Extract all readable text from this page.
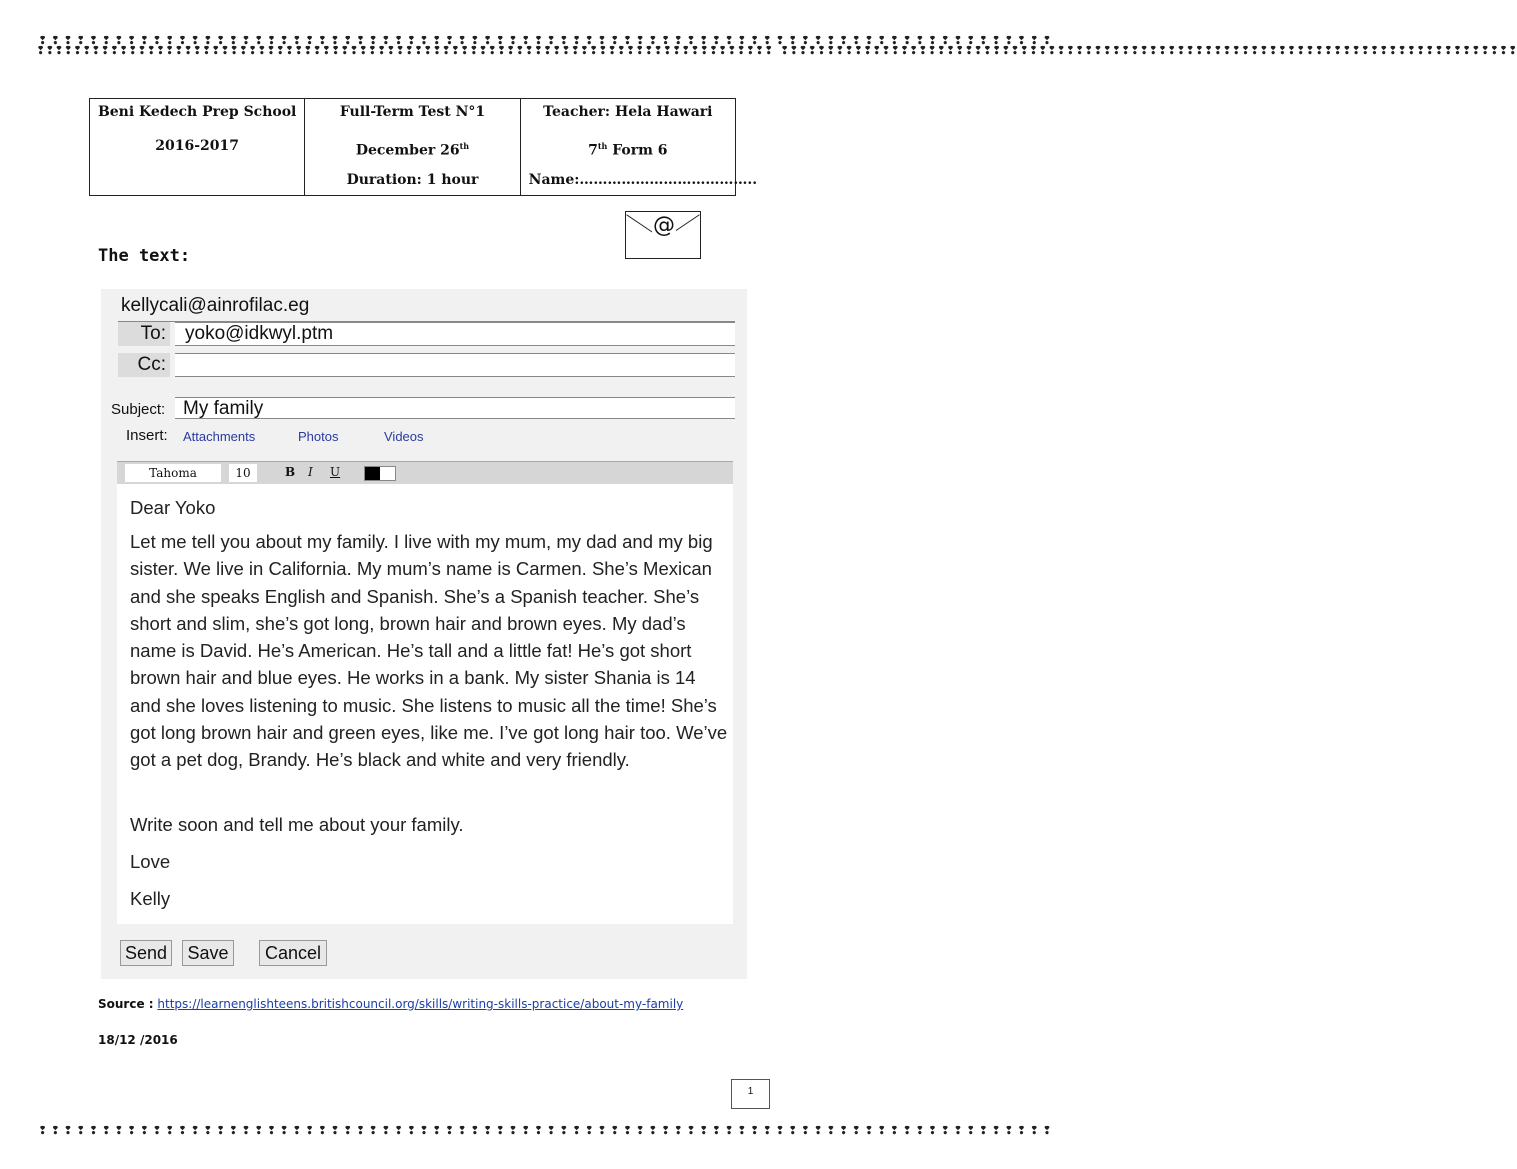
❢ ❢ ❢ ❢ ❢ ❢ ❢ ❢ ❢ ❢ ❢ ❢ ❢ ❢ ❢ ❢ ❢ ❢ ❢ ❢ ❢ ❢ ❢ ❢ ❢ ❢ ❢ ❢ ❢ ❢ ❢ ❢ ❢ ❢ ❢ ❢ ❢ ❢ ❢ ❢ ❢ ❢ ❢ ❢ ❢ ❢ ❢ ❢ ❢ ❢ ❢ ❢ ❢ ❢ ❢ ❢ ❢ ❢ ❢ ❢ ❢ ❢ ❢ ❢ ❢ ❢ ❢ ❢ ❢ ❢ ❢ ❢ ❢ ❢ ❢ ❢ ❢ ❢ ❢ ❢
❢ ❢ ❢ ❢ ❢ ❢ ❢ ❢ ❢ ❢ ❢ ❢ ❢ ❢ ❢ ❢ ❢ ❢ ❢ ❢ ❢ ❢ ❢ ❢ ❢ ❢ ❢ ❢ ❢ ❢ ❢ ❢ ❢ ❢ ❢ ❢ ❢ ❢ ❢ ❢ ❢ ❢ ❢ ❢ ❢ ❢ ❢ ❢ ❢ ❢ ❢ ❢ ❢ ❢ ❢ ❢ ❢ ❢ ❢ ❢ ❢ ❢ ❢ ❢ ❢ ❢ ❢ ❢ ❢ ❢ ❢ ❢ ❢ ❢ ❢ ❢ ❢ ❢ ❢ ❢
❢❢❢❢❢❢❢❢❢❢❢❢❢❢❢❢❢❢❢❢❢❢❢❢❢❢❢❢❢❢❢❢❢❢❢❢❢❢❢❢❢❢❢❢❢❢❢❢❢❢❢❢❢❢❢❢❢❢❢❢❢❢❢❢❢❢❢❢❢❢❢❢❢❢❢❢❢❢❢❢ ❢❢❢❢❢❢❢❢❢❢❢❢❢❢❢❢❢❢❢❢❢❢❢❢❢❢❢❢❢❢❢❢❢❢❢❢❢❢❢❢❢❢❢❢❢❢❢❢❢❢❢❢❢❢❢❢❢❢❢❢❢❢❢❢❢❢❢❢❢❢❢❢❢❢❢❢❢❢❢❢
Beni Kedech Prep School
2016-2017

Full-Term Test N°1
December 26th
Duration: 1 hour

Teacher: Hela Hawari
7th Form 6
Name:………………………………..
@
The text:
kellycali@ainrofilac.eg
To:	yoko@idkwyl.ptm
Cc:
Subject: My family
Insert: Attachments	Photos	Videos
Tahoma	10	B I U

Dear Yoko

Let me tell you about my family. I live with my mum, my dad and my big sister. We live in California. My mum’s name is Carmen. She’s Mexican and she speaks English and Spanish. She’s a Spanish teacher. She’s short and slim, she’s got long, brown hair and brown eyes. My dad’s name is David. He’s American. He’s tall and a little fat! He’s got short brown hair and blue eyes. He works in a bank. My sister Shania is 14 and she loves listening to music. She listens to music all the time! She’s got long brown hair and green eyes, like me. I’ve got long hair too. We’ve got a pet dog, Brandy. He’s black and white and very friendly.

Write soon and tell me about your family.

Love

Kelly

Send	Save	Cancel
Source : https://learnenglishteens.britishcouncil.org/skills/writing-skills-practice/about-my-family
18/12 /2016
1
